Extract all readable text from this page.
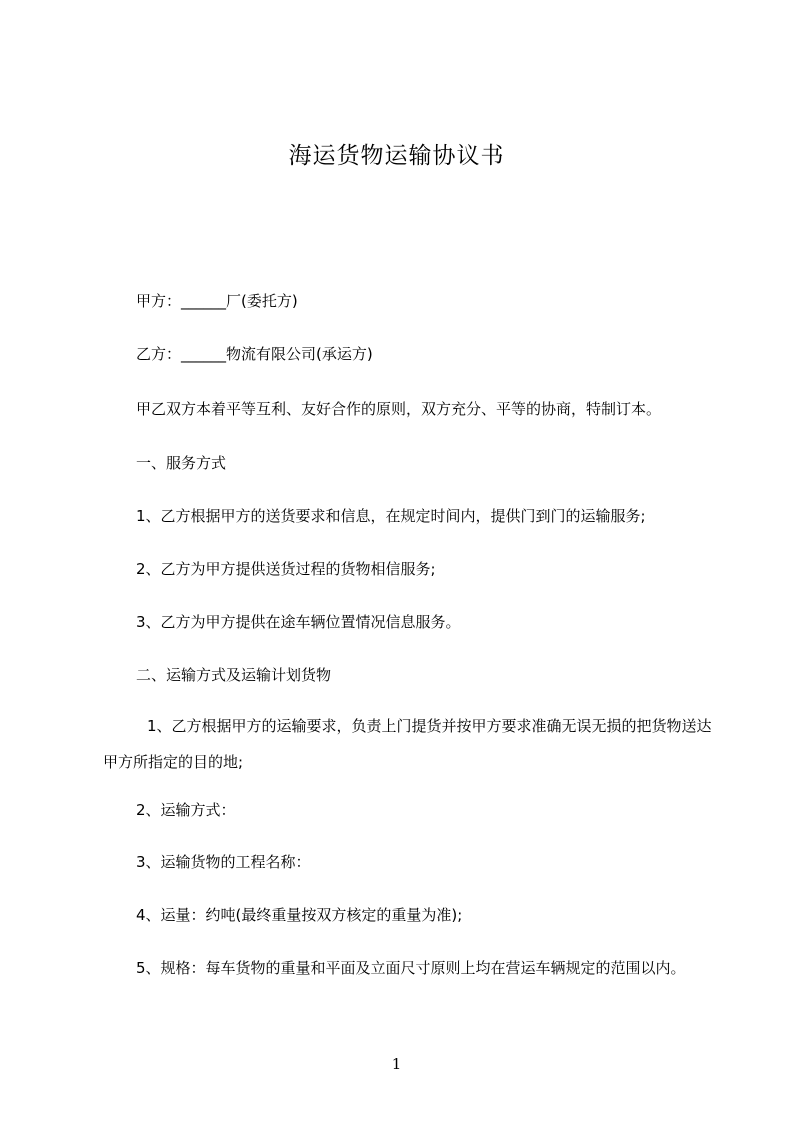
海运货物运输协议书

甲方：______厂(委托方)

乙方：______物流有限公司(承运方)

甲乙双方本着平等互利、友好合作的原则，双方充分、平等的协商，特制订本。

一、服务方式

1、乙方根据甲方的送货要求和信息，在规定时间内，提供门到门的运输服务;

2、乙方为甲方提供送货过程的货物相信服务;

3、乙方为甲方提供在途车辆位置情况信息服务。

二、运输方式及运输计划货物

1、乙方根据甲方的运输要求，负责上门提货并按甲方要求准确无误无损的把货物送达甲方所指定的目的地;

2、运输方式：

3、运输货物的工程名称：

4、运量：约吨(最终重量按双方核定的重量为准);

5、规格：每车货物的重量和平面及立面尺寸原则上均在营运车辆规定的范围以内。

1
